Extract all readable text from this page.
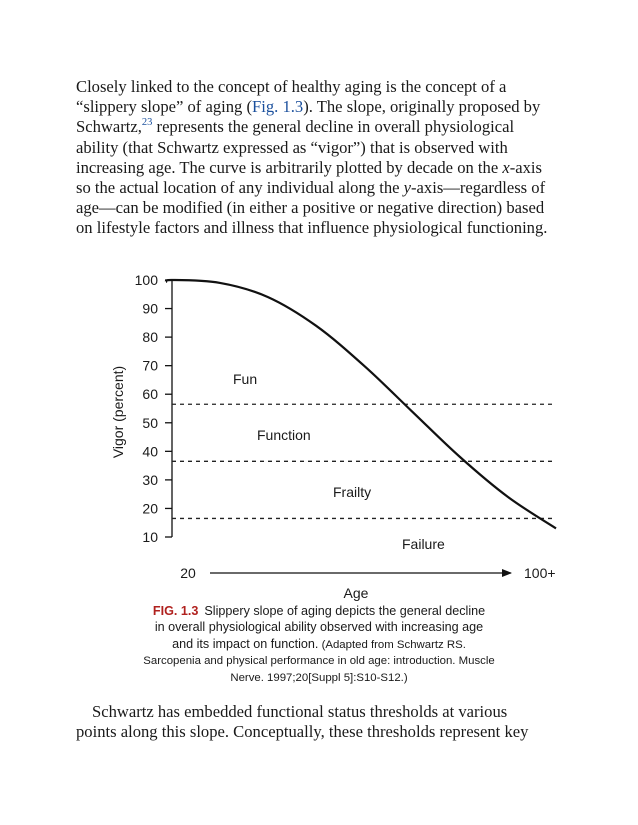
Closely linked to the concept of healthy aging is the concept of a
“slippery slope” of aging (Fig. 1.3). The slope, originally proposed by
Schwartz,$^{23}$ represents the general decline in overall physiological
ability (that Schwartz expressed as “vigor”) that is observed with
increasing age. The curve is arbitrarily plotted by decade on the x-axis
so the actual location of any individual along the y-axis—regardless of
age—can be modified (in either a positive or negative direction) based
on lifestyle factors and illness that influence physiological functioning.
100
90
80
70
60
50
40
30
20
10
Vigor (percent)	Fun
Function
Frailty
Failure
20	100+
Age
FIG. 1.3 Slippery slope of aging depicts the general decline
in overall physiological ability observed with increasing age
and its impact on function. (Adapted from Schwartz RS.
Sarcopenia and physical performance in old age: introduction. Muscle
Nerve. 1997;20[Suppl 5]:S10-S12.)
Schwartz has embedded functional status thresholds at various
points along this slope. Conceptually, these thresholds represent key
